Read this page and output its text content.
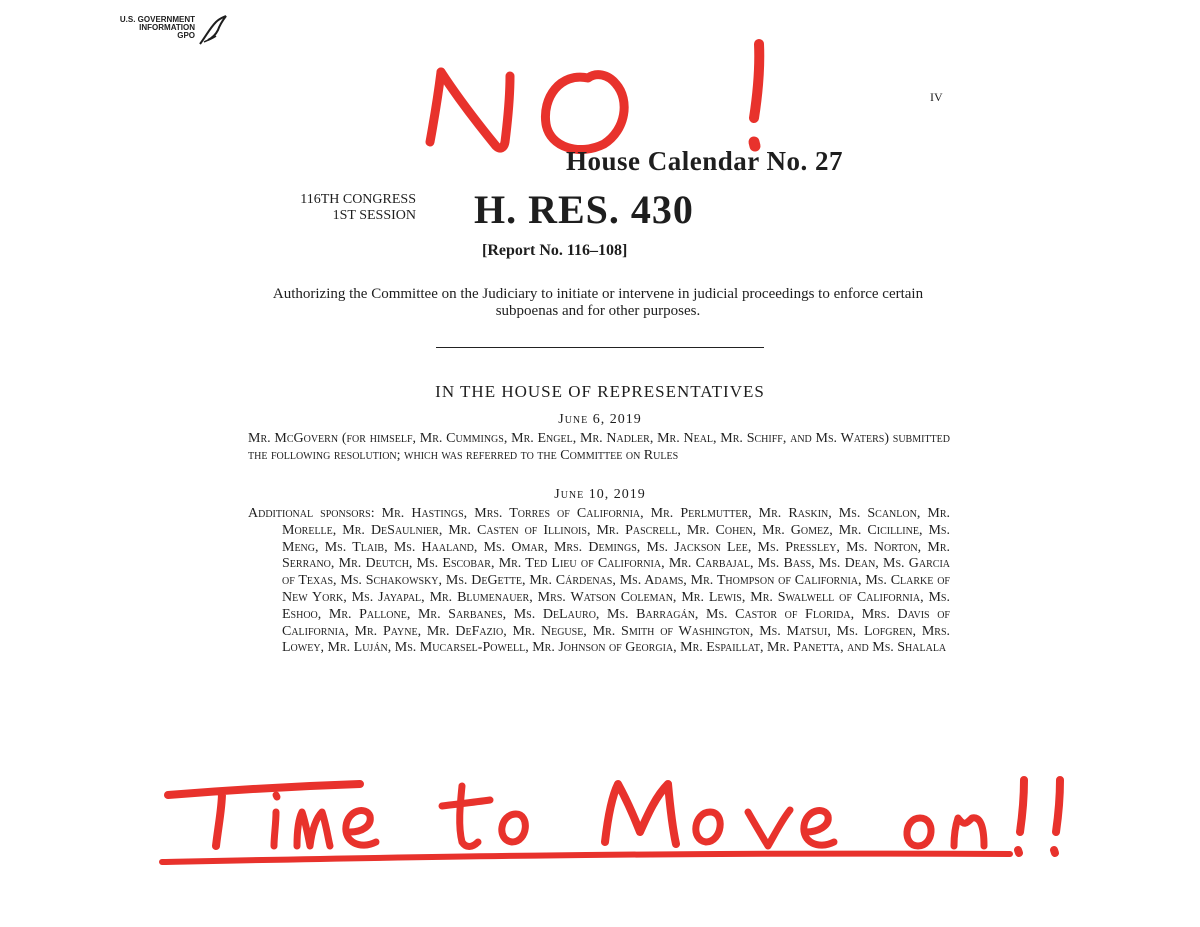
U.S. GOVERNMENT
INFORMATION
GPO
IV
House Calendar No. 27
116TH CONGRESS
1ST SESSION H. RES. 430
[Report No. 116–108]
Authorizing the Committee on the Judiciary to initiate or intervene in judicial proceedings to enforce certain subpoenas and for other purposes.
IN THE HOUSE OF REPRESENTATIVES
June 6, 2019
Mr. McGovern (for himself, Mr. Cummings, Mr. Engel, Mr. Nadler, Mr. Neal, Mr. Schiff, and Ms. Waters) submitted the following resolution; which was referred to the Committee on Rules
June 10, 2019
Additional sponsors: Mr. Hastings, Mrs. Torres of California, Mr. Perlmutter, Mr. Raskin, Ms. Scanlon, Mr. Morelle, Mr. DeSaulnier, Mr. Casten of Illinois, Mr. Pascrell, Mr. Cohen, Mr. Gomez, Mr. Cicilline, Ms. Meng, Ms. Tlaib, Ms. Haaland, Ms. Omar, Mrs. Demings, Ms. Jackson Lee, Ms. Pressley, Ms. Norton, Mr. Serrano, Mr. Deutch, Ms. Escobar, Mr. Ted Lieu of California, Mr. Carbajal, Ms. Bass, Ms. Dean, Ms. Garcia of Texas, Ms. Schakowsky, Ms. DeGette, Mr. Cárdenas, Ms. Adams, Mr. Thompson of California, Ms. Clarke of New York, Ms. Jayapal, Mr. Blumenauer, Mrs. Watson Coleman, Mr. Lewis, Mr. Swalwell of California, Ms. Eshoo, Mr. Pallone, Mr. Sarbanes, Ms. DeLauro, Ms. Barragán, Ms. Castor of Florida, Mrs. Davis of California, Mr. Payne, Mr. DeFazio, Mr. Neguse, Mr. Smith of Washington, Ms. Matsui, Ms. Lofgren, Mrs. Lowey, Mr. Luján, Ms. Mucarsel-Powell, Mr. Johnson of Georgia, Mr. Espaillat, Mr. Panetta, and Ms. Shalala
